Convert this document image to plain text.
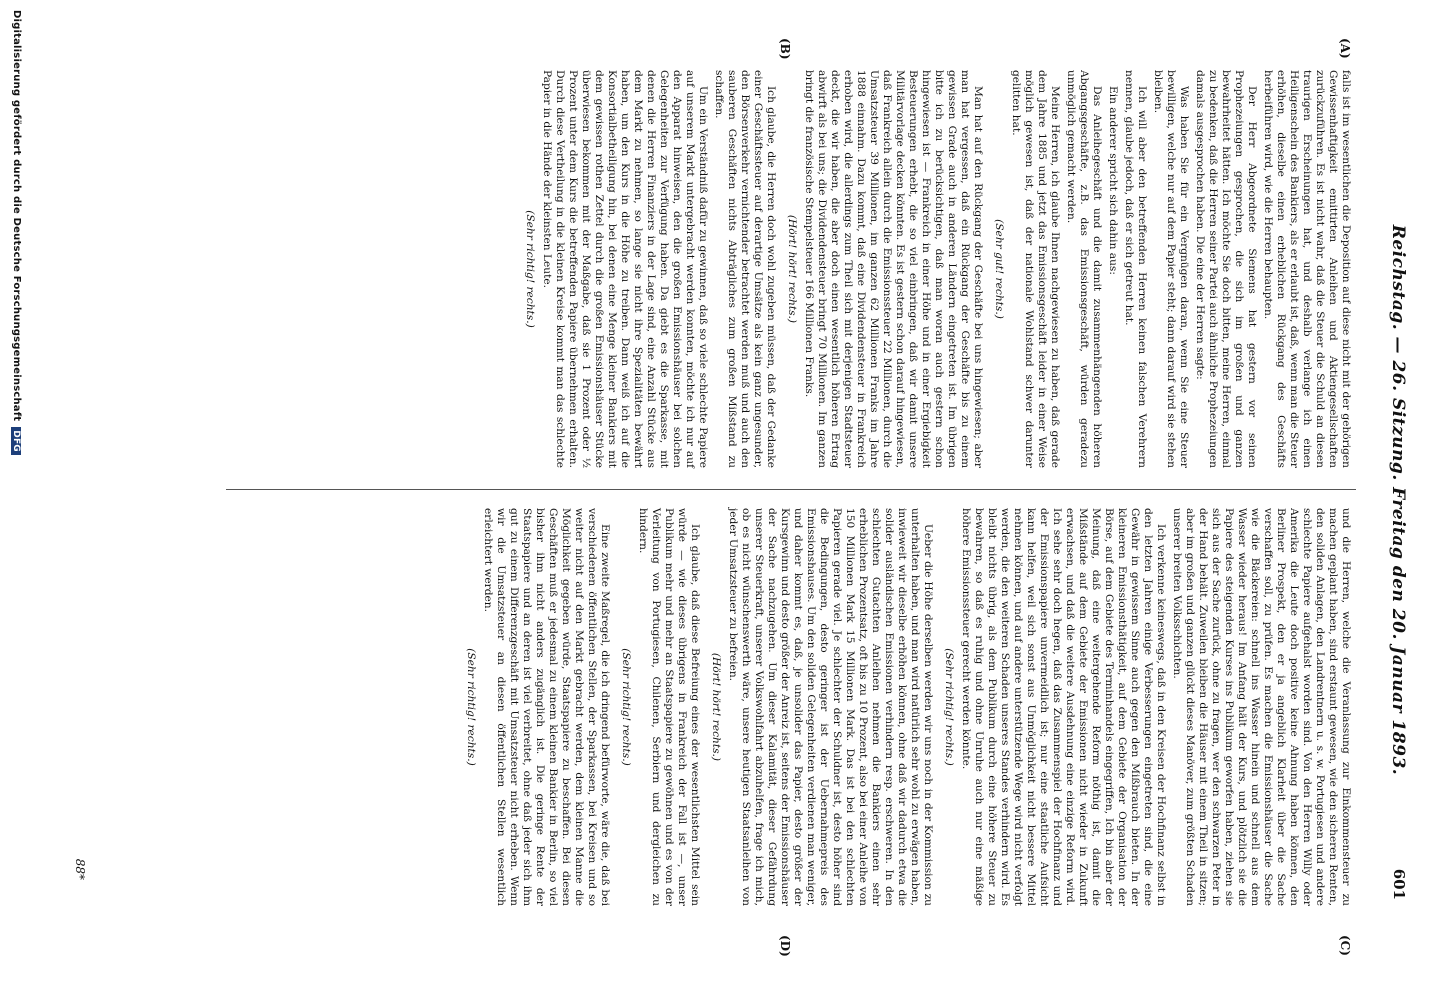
Reichstag. — 26. Sitzung. Freitag den 20. Januar 1893.
601
(A)
(B)
(C)
(D)

falls ist im wesentlichen die Deposition auf diese nicht mit der gehörigen Gewissenhaftigkeit emittirten Anleihen und Aktiengesellschaften zurückzuführen. Es ist nicht wahr, daß die Steuer die Schuld an diesen traurigen Erscheinungen hat, und deshalb verlange ich einen Heiligenschein des Bankiers, als er erlaubt ist, daß, wenn man die Steuer erhöhen, dieselbe einen erheblichen Rückgang des Geschäfts herbeiführen wird, wie die Herren behaupten.

Der Herr Abgeordnete Siemens hat gestern vor seinen Prophezeiungen gesprochen, die sich im großen und ganzen bewahrheitet hätten. Ich möchte Sie doch bitten, meine Herren, einmal zu bedenken, daß die Herren seiner Partei auch ähnliche Prophezeiungen damals ausgesprochen haben. Die eine der Herren sagte:

Was haben Sie für ein Vergnügen daran, wenn Sie eine Steuer bewilligen, welche nur auf dem Papier steht; dann darauf wird sie stehen bleiben.

Ich will aber den betreffenden Herren keinen falschen Verehrern nennen, glaube jedoch, daß er sich getreut hat.

Ein anderer spricht sich dahin aus:

Das Anleihegeschäft und die damit zusammenhängenden höheren Abgangsgeschäfte, z.B. das Emissionsgeschäft, würden geradezu unmöglich gemacht werden.

Meine Herren, ich glaube Ihnen nachgewiesen zu haben, daß gerade dem Jahre 1885 und jetzt das Emissionsgeschäft leider in einer Weise möglich gewesen ist, daß der nationale Wohlstand schwer darunter gelitten hat.

(Sehr gut! rechts.)

Man hat auf den Rückgang der Geschäfte bei uns hingewiesen; aber man hat vergessen, daß ein Rückgang der Geschäfte bis zu einem gewissen Grade auch in anderen Ländern eingetreten ist. Im übrigen bitte ich zu berücksichtigen, daß man woran auch gestern schon hingewiesen ist — Frankreich in einer Höhe und in einer Ergiebigkeit Besteuerungen erhebt, die so viel einbringen, daß wir damit unsere Militärvorlage decken könnten. Es ist gestern schon darauf hingewiesen, daß Frankreich allein durch die Emissionssteuer 22 Millionen, durch die Umsatzsteuer 39 Millionen, im ganzen 62 Millionen Franks im Jahre 1888 einnahm. Dazu kommt, daß eine Dividendensteuer in Frankreich erhoben wird, die allerdings zum Theil sich mit derjenigen Stadtsteuer deckt, die wir haben, die aber doch einen wesentlich höheren Ertrag abwirft als bei uns; die Dividendensteuer bringt 70 Millionen. Im ganzen bringt die französische Stempelsteuer 166 Millionen Franks.

(Hört! hört! rechts.)

Ich glaube, die Herren doch wohl zugeben müssen, daß der Gedanke einer Geschäftssteuer auf derartige Umsätze als kein ganz ungesunder, den Börsenverkehr vernichtender betrachtet werden muß und auch den sauberen Geschäften nichts Abträgliches zum großen Mißstand zu schaffen.

Um ein Verständniß dafür zu gewinnen, daß so viele schlechte Papiere auf unserem Markt untergebracht werden konnten, möchte ich nur auf den Apparat hinweisen, den die großen Emissionshäuser bei solchen Gelegenheiten zur Verfügung haben. Da giebt es die Sparkasse, mit denen die Herren Finanziers in der Lage sind, eine Anzahl Stücke aus dem Markt zu nehmen, so lange sie nicht ihre Spezialitäten bewährt haben, um den Kurs in die Höhe zu treiben. Dann weiß ich auf die Konsortialbetheiligung hin, bei denen eine Menge kleiner Bankiers mit dem gewissen rothen Zettel durch die großen Emissionshäuser Stücke überwiesen bekommen mit der Maßgabe, daß sie 1 Prozent oder ½ Prozent unter dem Kurs die betreffenden Papiere übernehmen erhalten. Durch diese Vertheilung in die kleinen Kreise kommt man das schlechte Papier in die Hände der kleinsten Leute.

(Sehr richtig! rechts.)

und die Herren, welche die Veranlassung zur Einkommensteuer zu machen geplant haben, sind erstaunt gewesen, wie den sicheren Renten, den soliden Anlagen, den Landrentnern u. s. w. Portugiesen und andere schlechte Papiere aufgehalst worden sind. Von den Herren Willy oder Amerika die Leute doch positive keine Ahnung haben können, den Berliner Prospekt, den er ja angeblich Klarheit über die Sache verschaffen soll, zu prüfen. Es machen die Emissionshäuser die Sache wie die Bäckereien: schnell ins Wasser hinein und schnell aus dem Wasser wieder heraus! Im Anfang hält der Kurs, und plötzlich sie die Papiere des steigenden Kurses ins Publikum geworfen haben, ziehen sie sich aus der Sache zurück, ohne zu fragen, wer den schwarzen Peter in der Hand behält. Zuweilen bleiben die Häuser mit einem Theil in sitzen; aber im großen und ganzen glückt dieses Manöver, zum größten Schaden unserer breiten Volksschichten.

Ich verkenne keineswegs, daß in den Kreisen der Hochfinanz selbst in den letzten Jahren einige Verbesserungen eingetreten sind, die eine Gewähr in gewissem Sinne auch gegen den Mißbrauch bieten. In der kleineren Emissionsthätigkeit, auf dem Gebiete der Organisation der Börse, auf dem Gebiete des Terminhandels eingegriffen, Ich bin aber der Meinung, daß eine weitergehende Reform nöthig ist, damit die Mißstände auf dem Gebiete der Emissionen nicht wieder in Zukunft erwachsen, und daß die weitere Ausdehnung eine einzige Reform wird. Ich sehe sehr doch hegen, daß das Zusammenspiel der Hochfinanz und der Emissionspapiere unvermeidlich ist; nur eine staatliche Aufsicht kann helfen, weil sich sonst aus Unmöglichkeit nicht bessere Mittel nehmen können, und auf andere unterstützende Wege wird nicht verfolgt werden, die den weiteren Schaden unseres Standes verhindern wird. Es bleibt nichts übrig, als dem Publikum durch eine höhere Steuer zu bewahren, so daß es ruhig und ohne Unruhe auch nur eine mäßige höhere Emissionssteuer gerecht werden könnte.

(Sehr richtig! rechts.)

Ueber die Höhe derselben werden wir uns noch in der Kommission zu unterhalten haben, und man wird natürlich sehr wohl zu erwägen haben, inwieweit wir dieselbe erhöhen können, ohne daß wir dadurch etwa die solider ausländischen Emissionen verhindern resp. erschweren. In den schlechten Gutachten Anleihen nehmen die Bankiers einen sehr erheblichen Prozentsatz, oft bis zu 10 Prozent, also bei einer Anleihe von 150 Millionen Mark 15 Millionen Mark. Das ist bei den schlechten Papieren gerade viel. Je schlechter der Schuldner ist, desto höher sind die Bedingungen, desto geringer ist der Uebernahmepreis des Emissionshauses. Um den soliden Gelegenheiten verdienen man weniger, und daher kommt es, daß, je unsolider das Papier, desto größer der Kursgewinn und desto größer der Anreiz ist, seitens der Emissionshäuser der Sache nachzugehen. Um dieser Kalamität, dieser Gefährdung unserer Steuerkraft, unserer Volkswohlfahrt abzuhelfen, frage ich mich, ob es nicht wünschenswerth wäre, unsere heutigen Staatsanleihen von jeder Umsatzsteuer zu befreien.

(Hört! hört! rechts.)

Ich glaube, daß diese Befreiung eines der wesentlichsten Mittel sein würde — wie dieses übrigens in Frankreich der Fall ist —, unser Publikum mehr und mehr an Staatspapiere zu gewöhnen und es von der Verleitung von Portugiesen, Chilenen, Serbiern und dergleichen zu hindern.

(Sehr richtig! rechts.)

Eine zweite Maßregel, die ich dringend befürworte, wäre die, daß bei verschiedenen öffentlichen Stellen, der Sparkassen, bei Kreisen und so weiter nicht auf den Markt gebracht werden, dem kleinen Manne die Möglichkeit gegeben würde, Staatspapiere zu beschaffen. Bei diesen Geschäften muß er jedesmal zu einem kleinen Bankier in Berlin, so viel bisher ihm nicht anders zugänglich ist. Die geringe Rente der Staatspapiere und an deren ist viel verbreitet, ohne daß jeder sich ihm gut zu einem Differenzgeschäft mit Umsatzsteuer nicht erheben. Wenn wir die Umsatzsteuer an diesen öffentlichen Stellen wesentlich erleichtert werden.

(Sehr richtig! rechts.)

88*
Digitalisierung gefördert durch die Deutsche ForschungsgemeinschaftDFG
